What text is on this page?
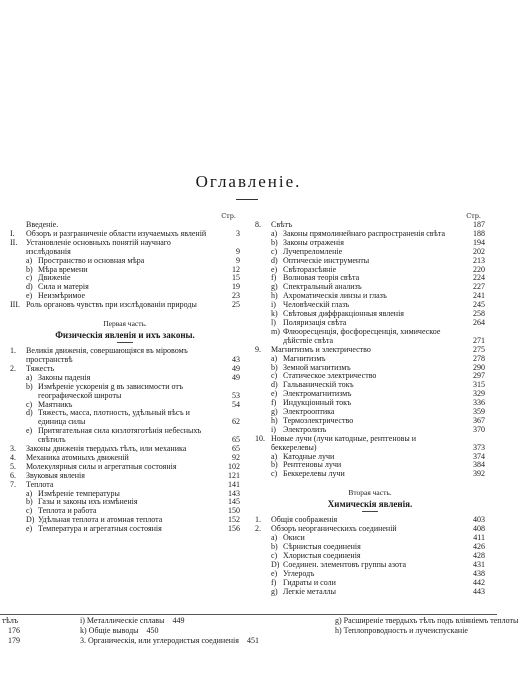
Оглавленіе.
Стр.
Введеніе.
I. Обзоръ и разграниченіе области изучаемыхъ явленій	3
II. Установленіе основныхъ понятій научнаго изслѣдованія	9
a) Пространство и основная мѣра	9
b) Мѣра времени	12
c) Движеніе	15
d) Сила и матерія	19
e) Неизмѣримое	23
III. Роль органовъ чувствъ при изслѣдованіи природы	25
Первая часть.
Физическія явленія и ихъ законы.
1. Великія движенія, совершающіяся въ міровомъ пространствѣ	43
2. Тяжесть	49
a) Законы паденія	49
b) Измѣреніе ускоренія g въ зависимости отъ географической широты	53
c) Маятникъ	54
d) Тяжесть, масса, плотность, удѣльный вѣсъ и единица силы	62
e) Притягательная сила кизлотяготѣнія небесныхъ свѣтилъ	65
3. Законы движенія твердыхъ тѣлъ, или механика	65
4. Механика атомныхъ движеній	92
5. Молекулярныя силы и агрегатныя состоянія	102
6. Звуковыя явленія	121
7. Теплота	141
a) Измѣреніе температуры	143
b) Газы и законы ихъ измѣненія	145
c) Теплота и работа	150
D) Удѣльная теплота и атомная теплота	152
e) Температура и агрегатныя состоянія	156
Стр.
8. Свѣтъ	187
a) Законы прямолинейнаго распространенія свѣта	188
b) Законы отраженія	194
c) Лучепреломленіе	202
d) Оптическіе инструменты	213
e) Свѣторазсѣяніе	220
f) Волновая теорія свѣта	224
g) Спектральный анализъ	227
h) Ахроматическія линзы и глазъ	241
i) Человѣческій глазъ	245
k) Свѣтовыя диффракціонныя явленія	258
l) Поляризація свѣта	264
m) Флюоресценція, фосфоресценція, химическое дѣйствіе свѣта	271
9. Магнитизмъ и электричество	275
a) Магнитизмъ	278
b) Земной магнитизмъ	290
c) Статическое электричество	297
d) Гальваническій токъ	315
e) Электромагнитизмъ	329
f) Индукціонный токъ	336
g) Электрооптика	359
h) Термоэлектричество	367
i) Электролизъ	370
10. Новые лучи (лучи катодные, рентгеновы и беккерелевы)	373
a) Катодные лучи	374
b) Рентгеновы лучи	384
c) Беккерелевы лучи	392
Вторая часть.
Химическія явленія.
1. Общія соображенія	403
2. Обзоръ неорганическихъ соединеній	408
a) Окиси	411
b) Сѣрнистыя соединенія	426
c) Хлористыя соединенія	428
D) Соединен. элементовъ группы азота	431
e) Углеродъ	438
f) Гидраты и соли	442
g) Легкіе металлы	443
тѣлъ
176
179
i) Металлическіе сплавы 449
k) Общіе выводы 450
3. Органическія, или углеродистыя соединенія 451
g) Расширеніе твердыхъ тѣлъ подъ вліяніемъ теплоты
h) Теплопроводность и лучеиспусканіе
